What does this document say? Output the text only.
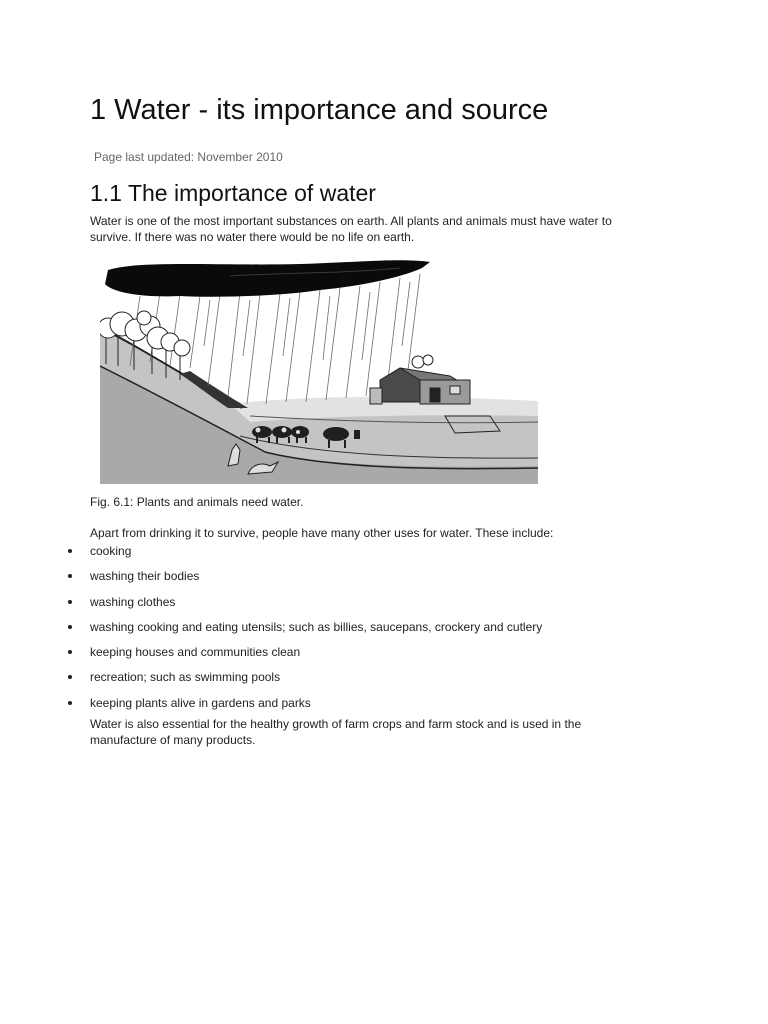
1 Water - its importance and source

Page last updated: November 2010

1.1 The importance of water

Water is one of the most important substances on earth. All plants and animals must have water to survive. If there was no water there would be no life on earth.

Fig. 6.1: Plants and animals need water.

Apart from drinking it to survive, people have many other uses for water. These include:

cooking
washing their bodies
washing clothes
washing cooking and eating utensils; such as billies, saucepans, crockery and cutlery
keeping houses and communities clean
recreation; such as swimming pools
keeping plants alive in gardens and parks

Water is also essential for the healthy growth of farm crops and farm stock and is used in the manufacture of many products.
